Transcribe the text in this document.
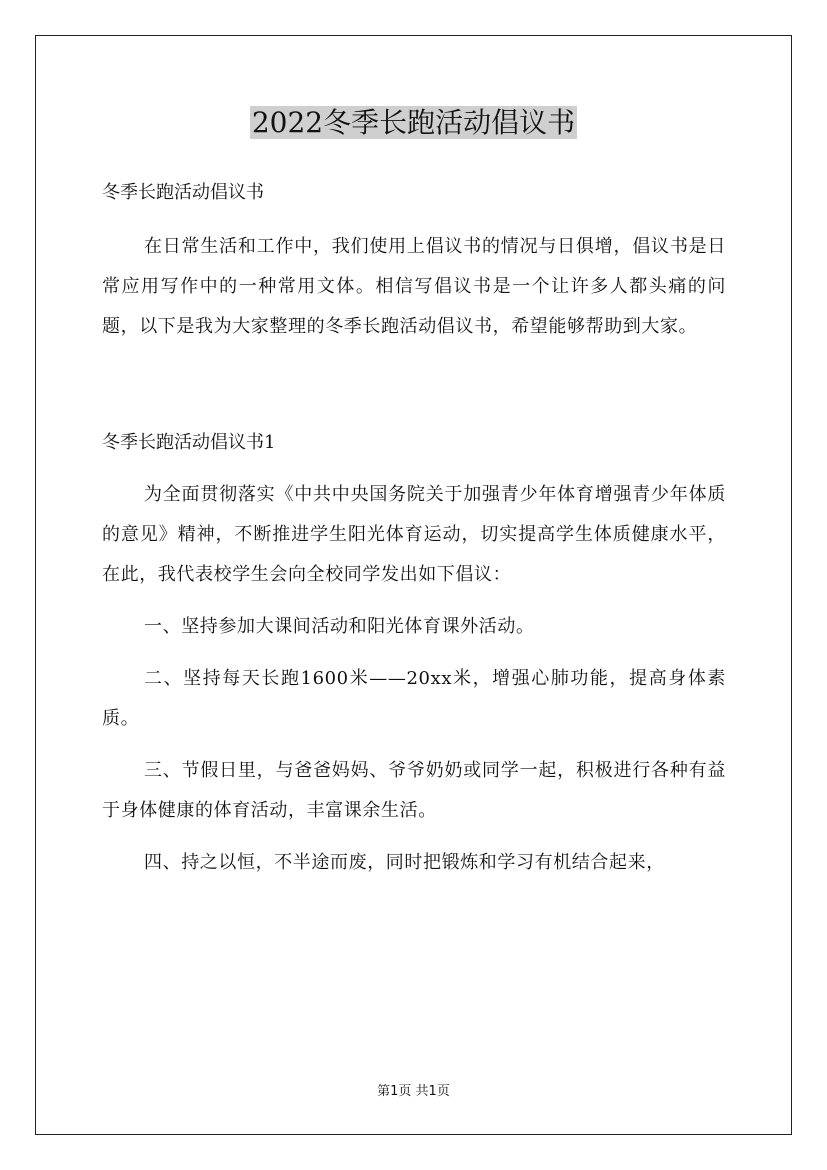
2022冬季长跑活动倡议书

冬季长跑活动倡议书

在日常生活和工作中，我们使用上倡议书的情况与日俱增，倡议书是日常应用写作中的一种常用文体。相信写倡议书是一个让许多人都头痛的问题，以下是我为大家整理的冬季长跑活动倡议书，希望能够帮助到大家。

冬季长跑活动倡议书1

为全面贯彻落实《中共中央国务院关于加强青少年体育增强青少年体质的意见》精神，不断推进学生阳光体育运动，切实提高学生体质健康水平，在此，我代表校学生会向全校同学发出如下倡议：

一、坚持参加大课间活动和阳光体育课外活动。

二、坚持每天长跑1600米——20xx米，增强心肺功能，提高身体素质。

三、节假日里，与爸爸妈妈、爷爷奶奶或同学一起，积极进行各种有益于身体健康的体育活动，丰富课余生活。

四、持之以恒，不半途而废，同时把锻炼和学习有机结合起来，

第1页 共1页
